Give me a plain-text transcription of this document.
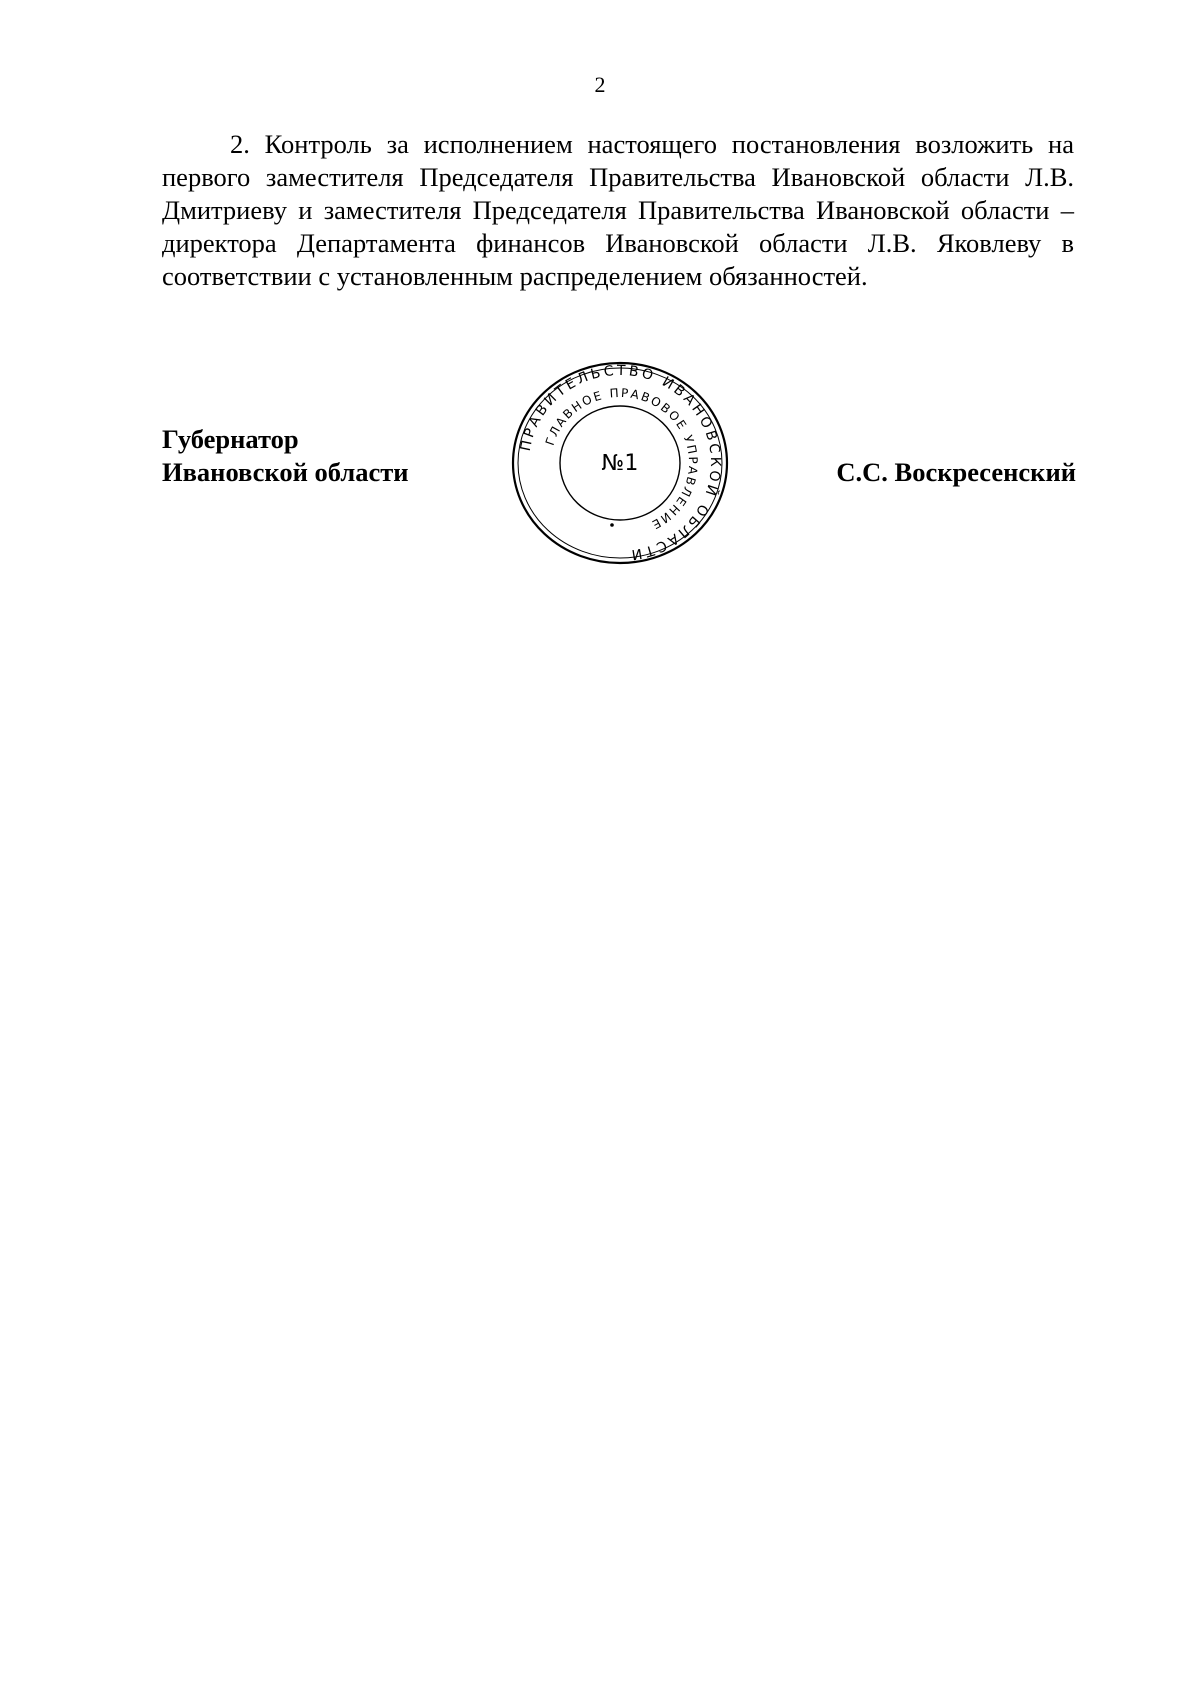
2

2. Контроль за исполнением настоящего постановления возложить на первого заместителя Председателя Правительства Ивановской области Л.В. Дмитриеву и заместителя Председателя Правительства Ивановской области – директора Департамента финансов Ивановской области Л.В. Яковлеву в соответствии с установленным распределением обязанностей.

Губернатор
Ивановской области
ПРАВИТЕЛЬСТВО ИВАНОВСКОЙ ОБЛАСТИ
ГЛАВНОЕ ПРАВОВОЕ УПРАВЛЕНИЕ
№1	С.С. Воскресенский
